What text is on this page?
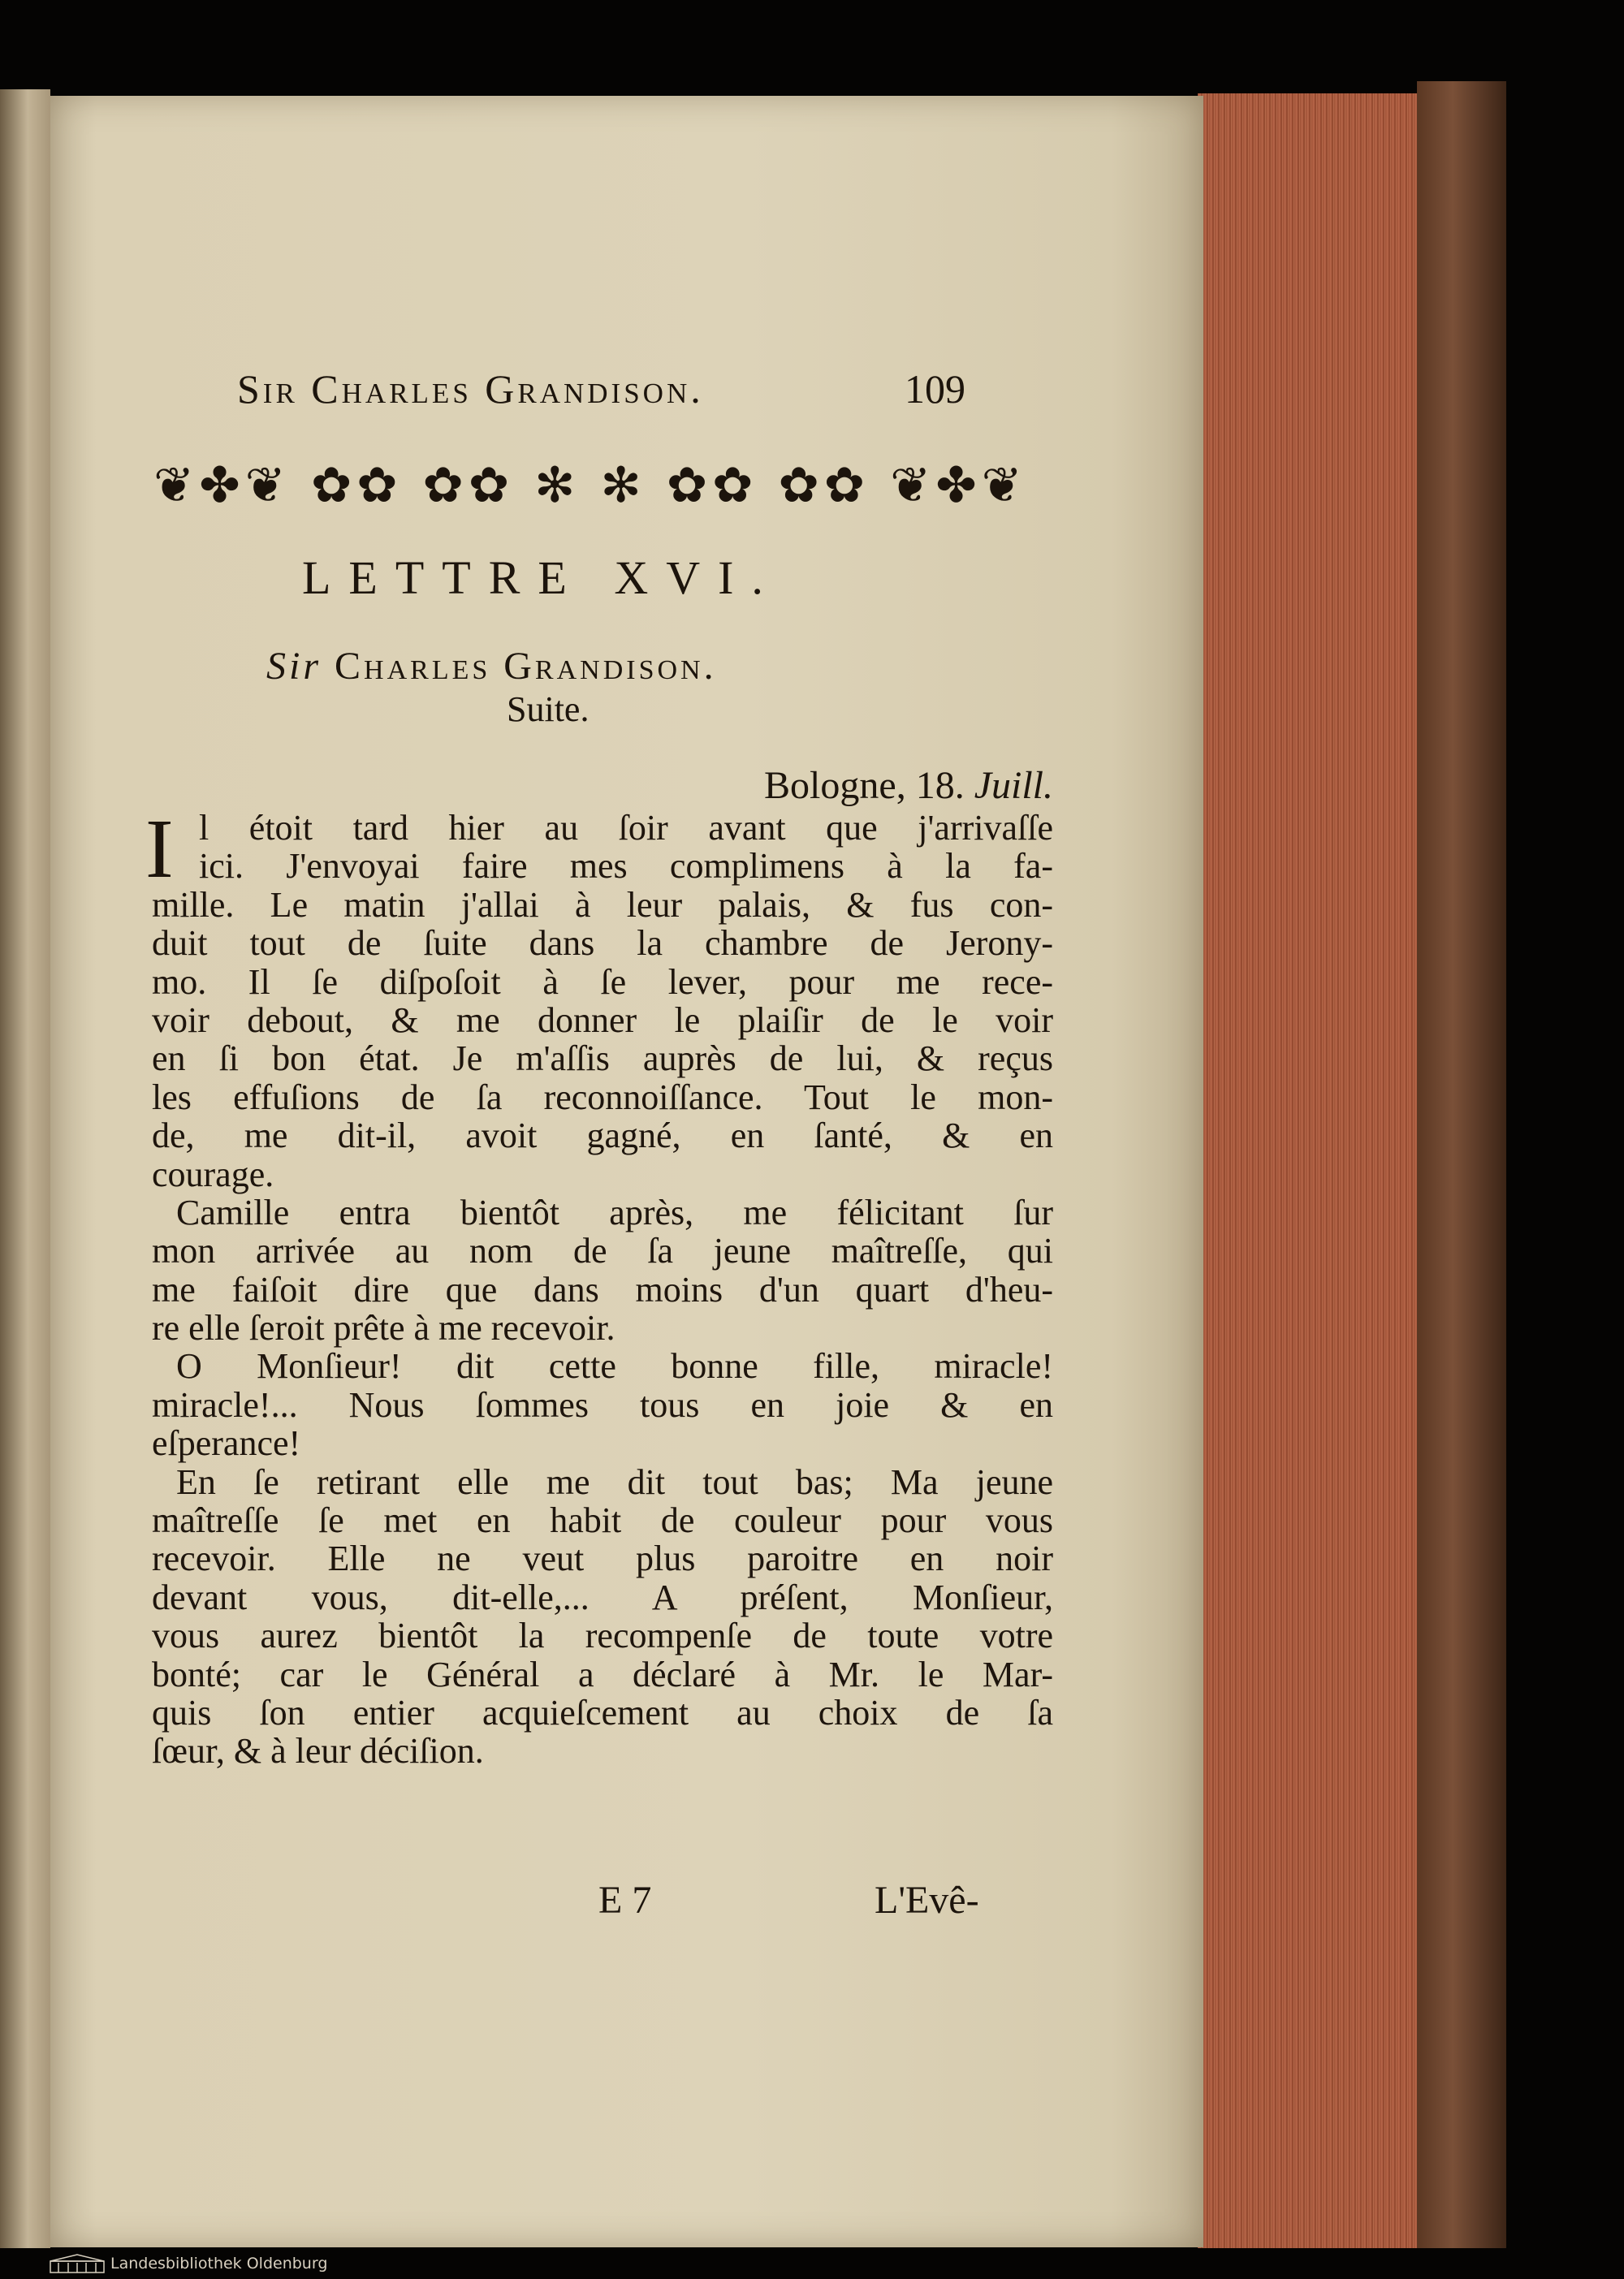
Sir Charles Grandison.	109
❦✤❦ ✿✿ ✿✿ ✻ ✻ ✿✿ ✿✿ ❦✤❦
LETTRE XVI.
Sir Charles Grandison.
Suite.
Bologne, 18. Juill.
I l étoit tard hier au ſoir avant que j'arrivaſſe
ici. J'envoyai faire mes complimens à la fa-
mille. Le matin j'allai à leur palais, & fus con-
duit tout de ſuite dans la chambre de Jerony-
mo. Il ſe diſpoſoit à ſe lever, pour me rece-
voir debout, & me donner le plaiſir de le voir
en ſi bon état. Je m'aſſis auprès de lui, & reçus
les effuſions de ſa reconnoiſſance. Tout le mon-
de, me dit-il, avoit gagné, en ſanté, & en
courage.
Camille entra bientôt après, me félicitant ſur
mon arrivée au nom de ſa jeune maîtreſſe, qui
me faiſoit dire que dans moins d'un quart d'heu-
re elle ſeroit prête à me recevoir.
O Monſieur! dit cette bonne fille, miracle!
miracle!... Nous ſommes tous en joie & en
eſperance!
En ſe retirant elle me dit tout bas; Ma jeune
maîtreſſe ſe met en habit de couleur pour vous
recevoir. Elle ne veut plus paroitre en noir
devant vous, dit-elle,... A préſent, Monſieur,
vous aurez bientôt la recompenſe de toute votre
bonté; car le Général a déclaré à Mr. le Mar-
quis ſon entier acquieſcement au choix de ſa
ſœur, & à leur déciſion.
E 7	L'Evê-
Landesbibliothek Oldenburg
